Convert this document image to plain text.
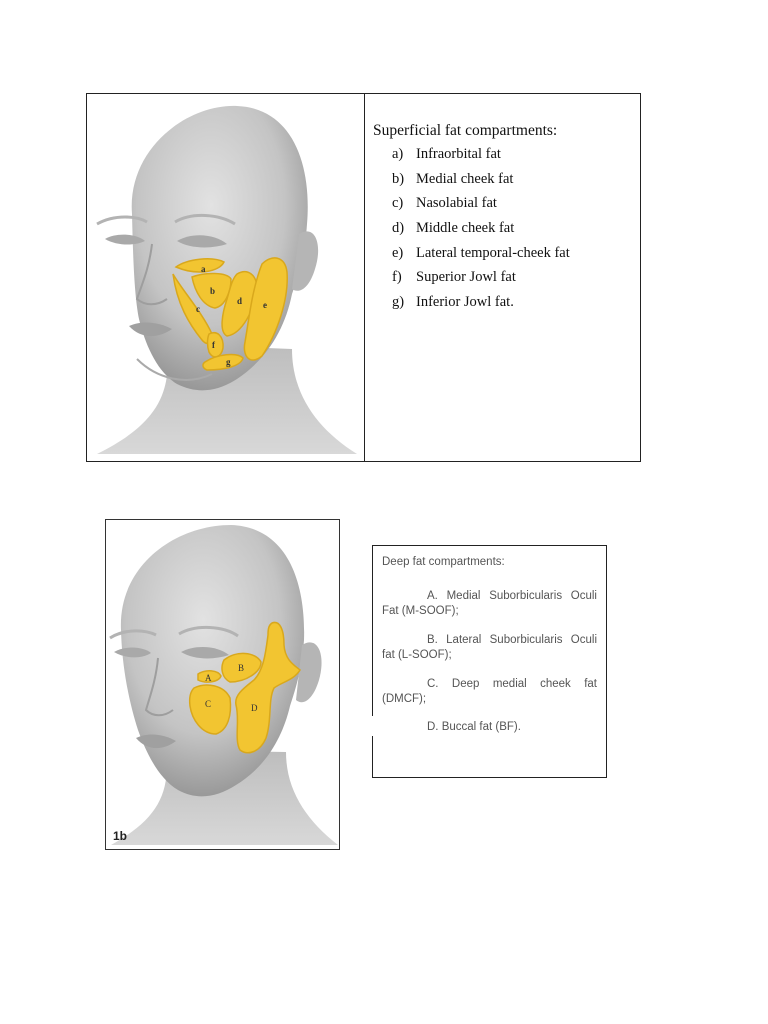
a
b
c
d e
f
g
Superficial fat compartments:
a) Infraorbital fat
b) Medial cheek fat
c) Nasolabial fat
d) Middle cheek fat
e) Lateral temporal-cheek fat
f) Superior Jowl fat
g) Inferior Jowl fat.
A
B
C	D
1b
Deep fat compartments:
A. Medial Suborbicularis Oculi Fat (M-SOOF);
B. Lateral Suborbicularis Oculi fat (L-SOOF);
C. Deep medial cheek fat (DMCF);
D. Buccal fat (BF).
